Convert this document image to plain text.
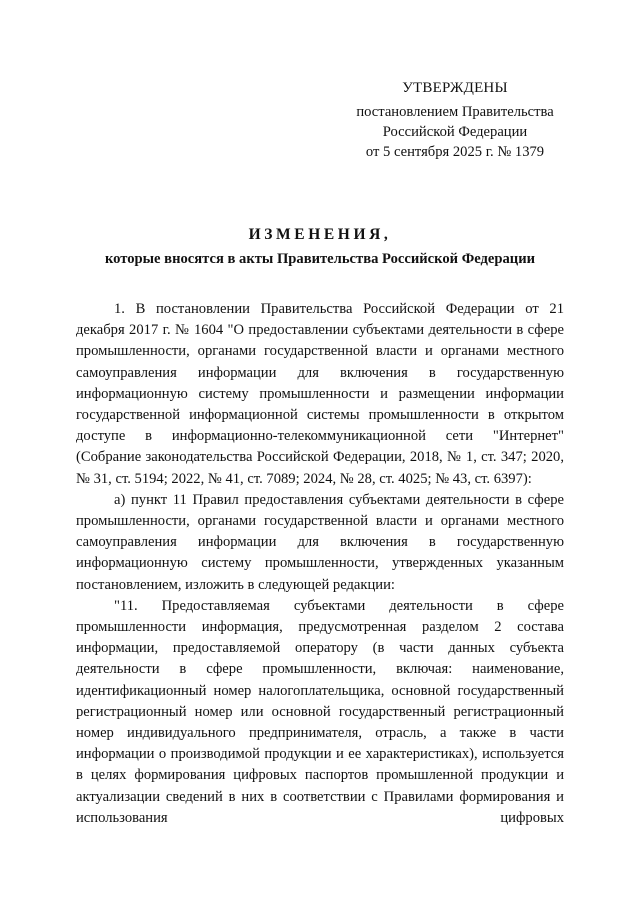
УТВЕРЖДЕНЫ
постановлением Правительства
Российской Федерации
от 5 сентября 2025 г. № 1379
ИЗМЕНЕНИЯ,
которые вносятся в акты Правительства Российской Федерации

1. В постановлении Правительства Российской Федерации от 21 декабря 2017 г. № 1604 "О предоставлении субъектами деятельности в сфере промышленности, органами государственной власти и органами местного самоуправления информации для включения в государственную информационную систему промышленности и размещении информации государственной информационной системы промышленности в открытом доступе в информационно-телекоммуникационной сети "Интернет" (Собрание законодательства Российской Федерации, 2018, № 1, ст. 347; 2020, № 31, ст. 5194; 2022, № 41, ст. 7089; 2024, № 28, ст. 4025; № 43, ст. 6397):

а) пункт 11 Правил предоставления субъектами деятельности в сфере промышленности, органами государственной власти и органами местного самоуправления информации для включения в государственную информационную систему промышленности, утвержденных указанным постановлением, изложить в следующей редакции:

"11. Предоставляемая субъектами деятельности в сфере промышленности информация, предусмотренная разделом 2 состава информации, предоставляемой оператору (в части данных субъекта деятельности в сфере промышленности, включая: наименование, идентификационный номер налогоплательщика, основной государственный регистрационный номер или основной государственный регистрационный номер индивидуального предпринимателя, отрасль, а также в части информации о производимой продукции и ее характеристиках), используется в целях формирования цифровых паспортов промышленной продукции и актуализации сведений в них в соответствии с Правилами формирования и использования цифровых
